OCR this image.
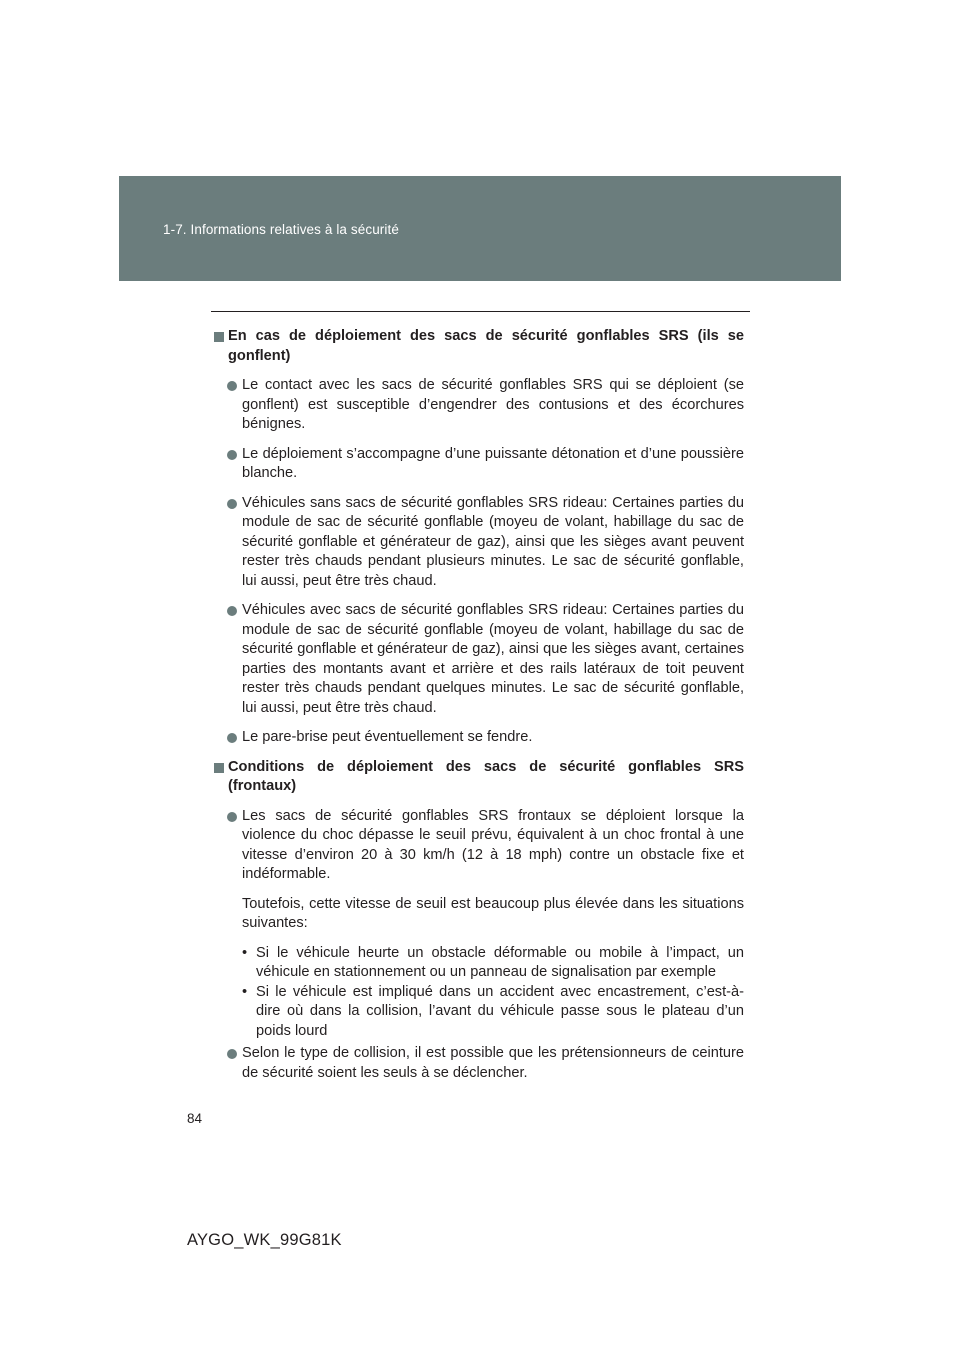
1-7. Informations relatives à la sécurité
En cas de déploiement des sacs de sécurité gonflables SRS (ils se gonflent)
Le contact avec les sacs de sécurité gonflables SRS qui se déploient (se gonflent) est susceptible d’engendrer des contusions et des écorchures bénignes.
Le déploiement s’accompagne d’une puissante détonation et d’une poussière blanche.
Véhicules sans sacs de sécurité gonflables SRS rideau: Certaines parties du module de sac de sécurité gonflable (moyeu de volant, habillage du sac de sécurité gonflable et générateur de gaz), ainsi que les sièges avant peuvent rester très chauds pendant plusieurs minutes. Le sac de sécurité gonflable, lui aussi, peut être très chaud.
Véhicules avec sacs de sécurité gonflables SRS rideau: Certaines parties du module de sac de sécurité gonflable (moyeu de volant, habillage du sac de sécurité gonflable et générateur de gaz), ainsi que les sièges avant, certaines parties des montants avant et arrière et des rails latéraux de toit peuvent rester très chauds pendant quelques minutes. Le sac de sécurité gonflable, lui aussi, peut être très chaud.
Le pare-brise peut éventuellement se fendre.
Conditions de déploiement des sacs de sécurité gonflables SRS (frontaux)
Les sacs de sécurité gonflables SRS frontaux se déploient lorsque la violence du choc dépasse le seuil prévu, équivalent à un choc frontal à une vitesse d’environ 20 à 30 km/h (12 à 18 mph) contre un obstacle fixe et indéformable.
Toutefois, cette vitesse de seuil est beaucoup plus élevée dans les situations suivantes:
• Si le véhicule heurte un obstacle déformable ou mobile à l’impact, un véhicule en stationnement ou un panneau de signalisation par exemple
• Si le véhicule est impliqué dans un accident avec encastrement, c’est-à-dire où dans la collision, l’avant du véhicule passe sous le plateau d’un poids lourd
Selon le type de collision, il est possible que les prétensionneurs de ceinture de sécurité soient les seuls à se déclencher.
84
AYGO_WK_99G81K
